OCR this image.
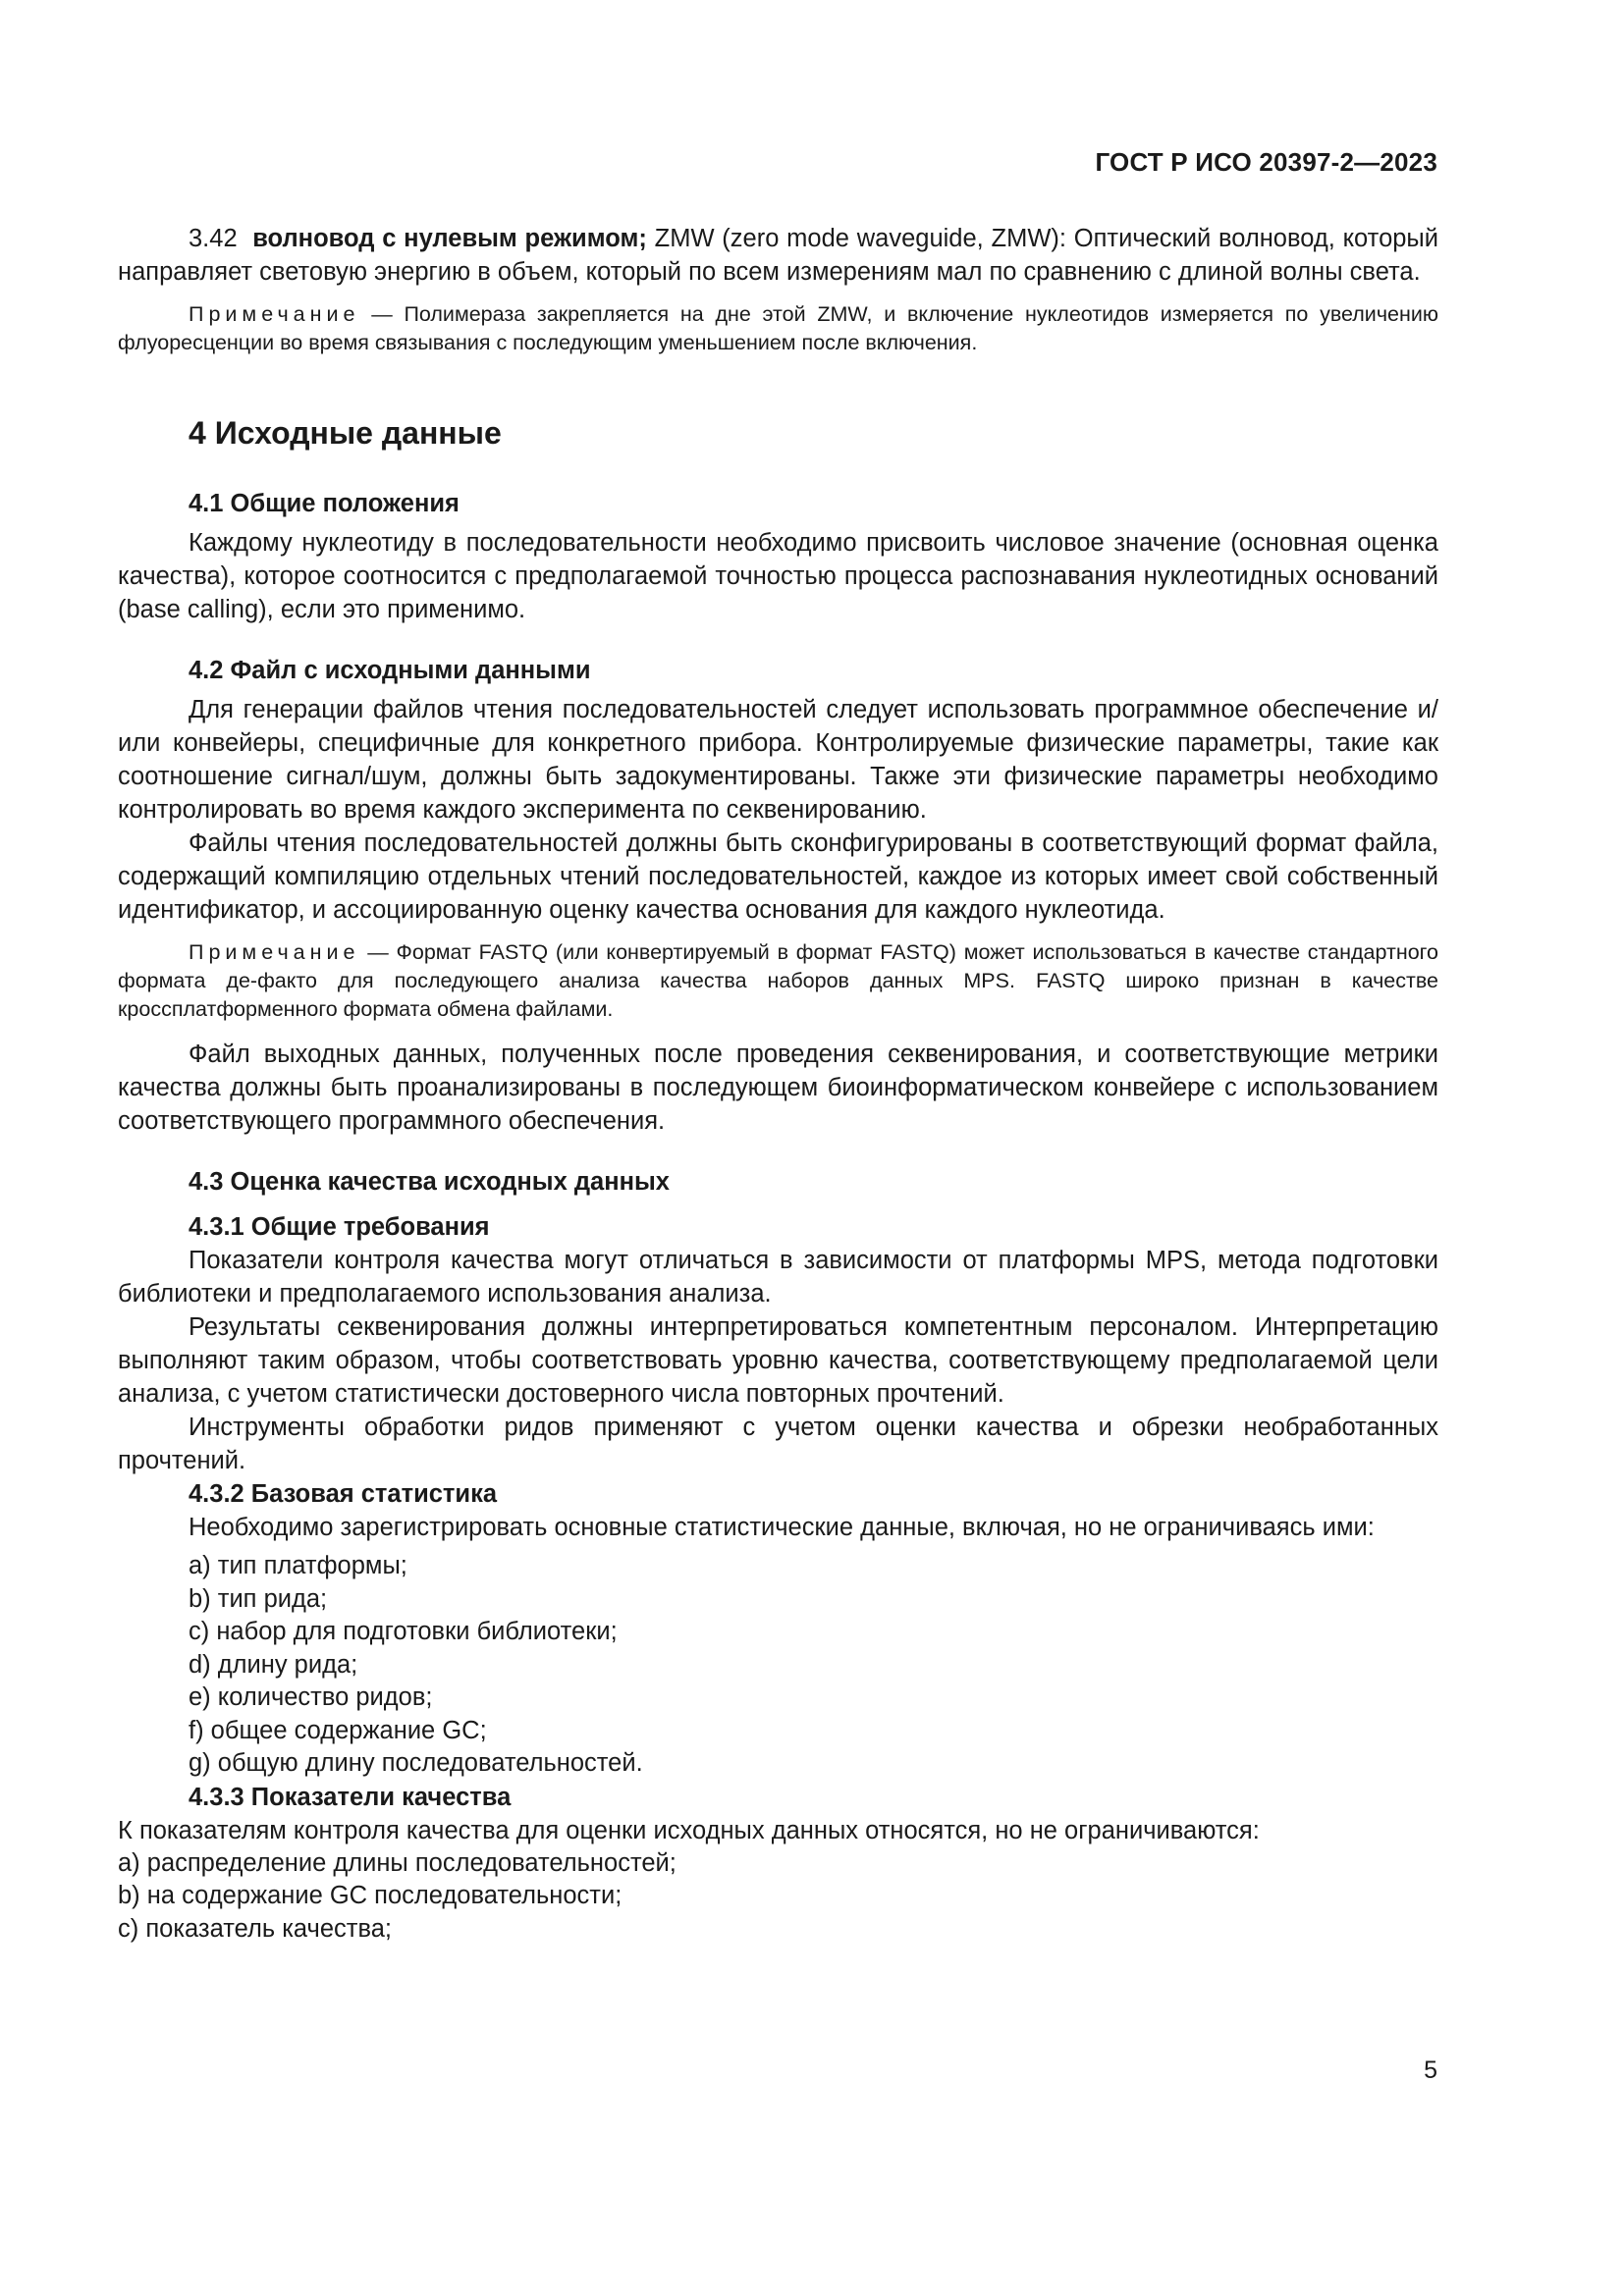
ГОСТ Р ИСО 20397-2—2023

3.42 волновод с нулевым режимом; ZMW (zero mode waveguide, ZMW): Оптический волновод, который направляет световую энергию в объем, который по всем измерениям мал по сравнению с длиной волны света.

Примечание — Полимераза закрепляется на дне этой ZMW, и включение нуклеотидов измеряется по увеличению флуоресценции во время связывания с последующим уменьшением после включения.

4 Исходные данные
4.1 Общие положения

Каждому нуклеотиду в последовательности необходимо присвоить числовое значение (основная оценка качества), которое соотносится с предполагаемой точностью процесса распознавания нуклеотидных оснований (base calling), если это применимо.

4.2 Файл с исходными данными

Для генерации файлов чтения последовательностей следует использовать программное обеспечение и/или конвейеры, специфичные для конкретного прибора. Контролируемые физические параметры, такие как соотношение сигнал/шум, должны быть задокументированы. Также эти физические параметры необходимо контролировать во время каждого эксперимента по секвенированию.

Файлы чтения последовательностей должны быть сконфигурированы в соответствующий формат файла, содержащий компиляцию отдельных чтений последовательностей, каждое из которых имеет свой собственный идентификатор, и ассоциированную оценку качества основания для каждого нуклеотида.

Примечание — Формат FASTQ (или конвертируемый в формат FASTQ) может использоваться в качестве стандартного формата де-факто для последующего анализа качества наборов данных MPS. FASTQ широко признан в качестве кроссплатформенного формата обмена файлами.

Файл выходных данных, полученных после проведения секвенирования, и соответствующие метрики качества должны быть проанализированы в последующем биоинформатическом конвейере с использованием соответствующего программного обеспечения.

4.3 Оценка качества исходных данных
4.3.1 Общие требования

Показатели контроля качества могут отличаться в зависимости от платформы MPS, метода подготовки библиотеки и предполагаемого использования анализа.

Результаты секвенирования должны интерпретироваться компетентным персоналом. Интерпретацию выполняют таким образом, чтобы соответствовать уровню качества, соответствующему предполагаемой цели анализа, с учетом статистически достоверного числа повторных прочтений.

Инструменты обработки ридов применяют с учетом оценки качества и обрезки необработанных прочтений.

4.3.2 Базовая статистика

Необходимо зарегистрировать основные статистические данные, включая, но не ограничиваясь ими:

a) тип платформы;
b) тип рида;
c) набор для подготовки библиотеки;
d) длину рида;
e) количество ридов;
f) общее содержание GC;
g) общую длину последовательностей.
4.3.3 Показатели качества

К показателям контроля качества для оценки исходных данных относятся, но не ограничиваются:

a) распределение длины последовательностей;
b) на содержание GC последовательности;
c) показатель качества;
5
